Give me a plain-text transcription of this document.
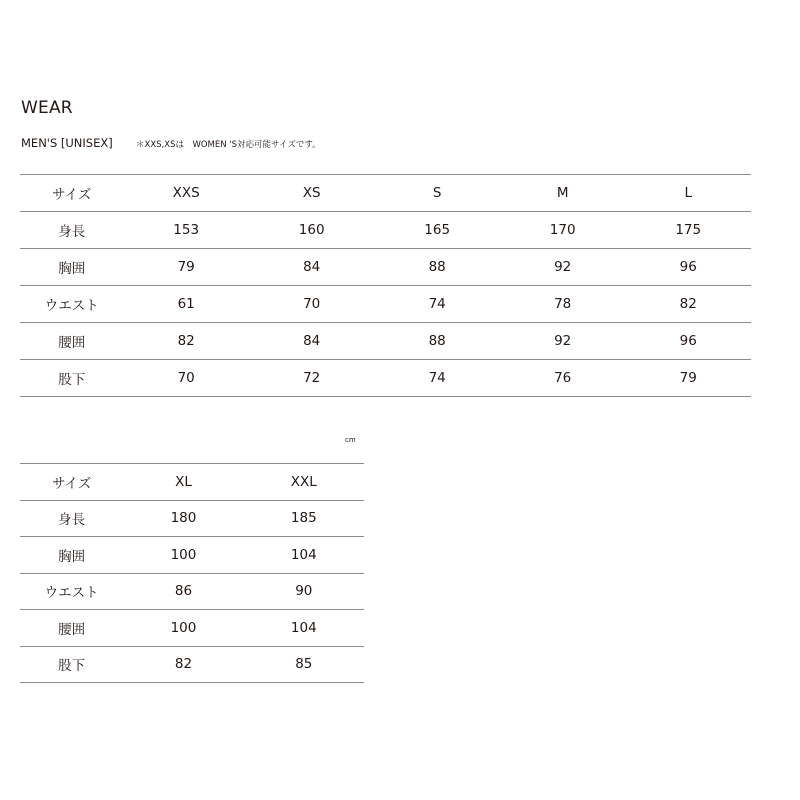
WEAR
MEN'S [UNISEX]	＊XXS,XSは　WOMEN 'S対応可能サイズです。
サイズ	XXS	XS	S	M	L
身長	153	160	165	170	175
胸囲	79	84	88	92	96
ウエスト	61	70	74	78	82
腰囲	82	84	88	92	96
股下	70	72	74	76	79
cm
サイズ	XL	XXL
身長	180	185
胸囲	100	104
ウエスト	86	90
腰囲	100	104
股下	82	85
